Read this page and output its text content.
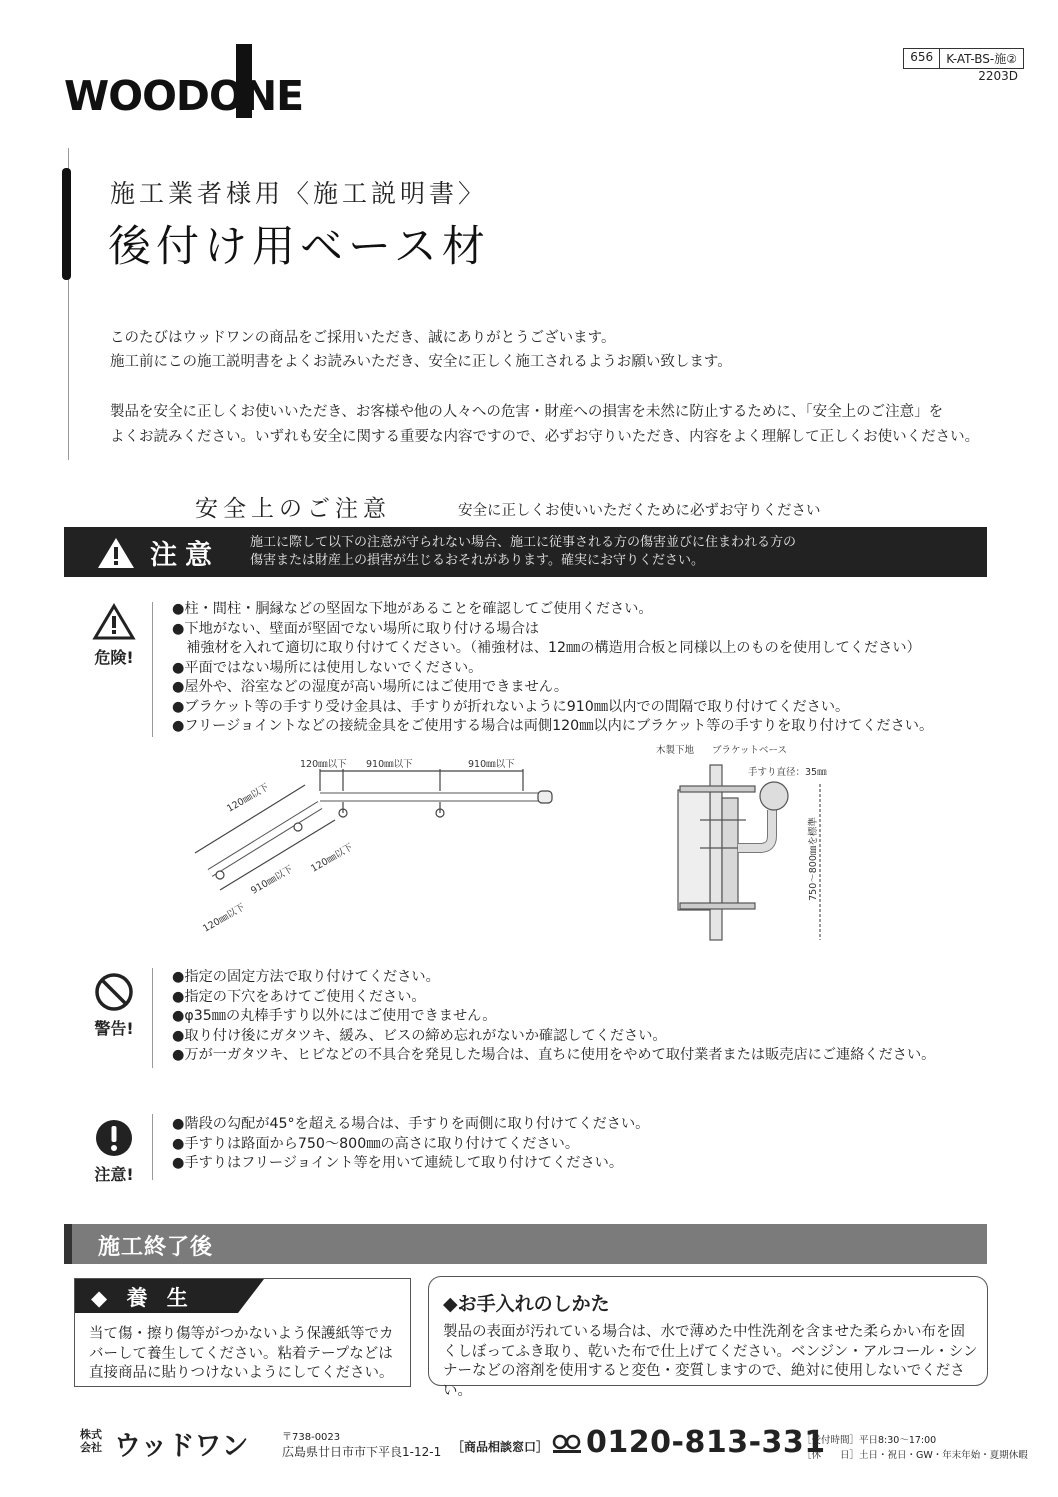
WOODONE
656	K-AT-BS-施②
2203D
施工業者様用〈施工説明書〉
後付け用ベース材
このたびはウッドワンの商品をご採用いただき、誠にありがとうございます。
施工前にこの施工説明書をよくお読みいただき、安全に正しく施工されるようお願い致します。
製品を安全に正しくお使いいただき、お客様や他の人々への危害・財産への損害を未然に防止するために、「安全上のご注意」を
よくお読みください。いずれも安全に関する重要な内容ですので、必ずお守りいただき、内容をよく理解して正しくお使いください。
安全上のご注意	安全に正しくお使いいただくために必ずお守りください
注意 施工に際して以下の注意が守られない場合、施工に従事される方の傷害並びに住まわれる方の
傷害または財産上の損害が生じるおそれがあります。確実にお守りください。
危険!
●柱・間柱・胴縁などの堅固な下地があることを確認してご使用ください。
●下地がない、壁面が堅固でない場所に取り付ける場合は
　補強材を入れて適切に取り付けてください。（補強材は、12㎜の構造用合板と同様以上のものを使用してください）
●平面ではない場所には使用しないでください。
●屋外や、浴室などの湿度が高い場所にはご使用できません。
●ブラケット等の手すり受け金具は、手すりが折れないように910㎜以内での間隔で取り付けてください。
●フリージョイントなどの接続金具をご使用する場合は両側120㎜以内にブラケット等の手すりを取り付けてください。
120㎜以下 910㎜以下	910㎜以下
120㎜以下
910㎜以下
120㎜以下
120㎜以下
木製下地 ブラケットベース
手すり直径：35㎜
750～800㎜を標準
警告!
●指定の固定方法で取り付けてください。
●指定の下穴をあけてご使用ください。
●φ35㎜の丸棒手すり以外にはご使用できません。
●取り付け後にガタツキ、緩み、ビスの締め忘れがないか確認してください。
●万が一ガタツキ、ヒビなどの不具合を発見した場合は、直ちに使用をやめて取付業者または販売店にご連絡ください。
注意!
●階段の勾配が45°を超える場合は、手すりを両側に取り付けてください。
●手すりは路面から750～800㎜の高さに取り付けてください。
●手すりはフリージョイント等を用いて連続して取り付けてください。
施工終了後
◆ 養 生
当て傷・擦り傷等がつかないよう保護紙等でカ
バーして養生してください。粘着テープなどは
直接商品に貼りつけないようにしてください。
◆お手入れのしかた
製品の表面が汚れている場合は、水で薄めた中性洗剤を含ませた柔らかい布を固
くしぼってふき取り、乾いた布で仕上げてください。ベンジン・アルコール・シン
ナーなどの溶剤を使用すると変色・変質しますので、絶対に使用しないでください。
株式
会社 ウッドワン	〒738-0023
広島県廿日市市下平良1-12-1 ［商品相談窓口］ 0120-813-331
［受付時間］平日8:30～17:00
［休　　日］土日・祝日・GW・年末年始・夏期休暇
